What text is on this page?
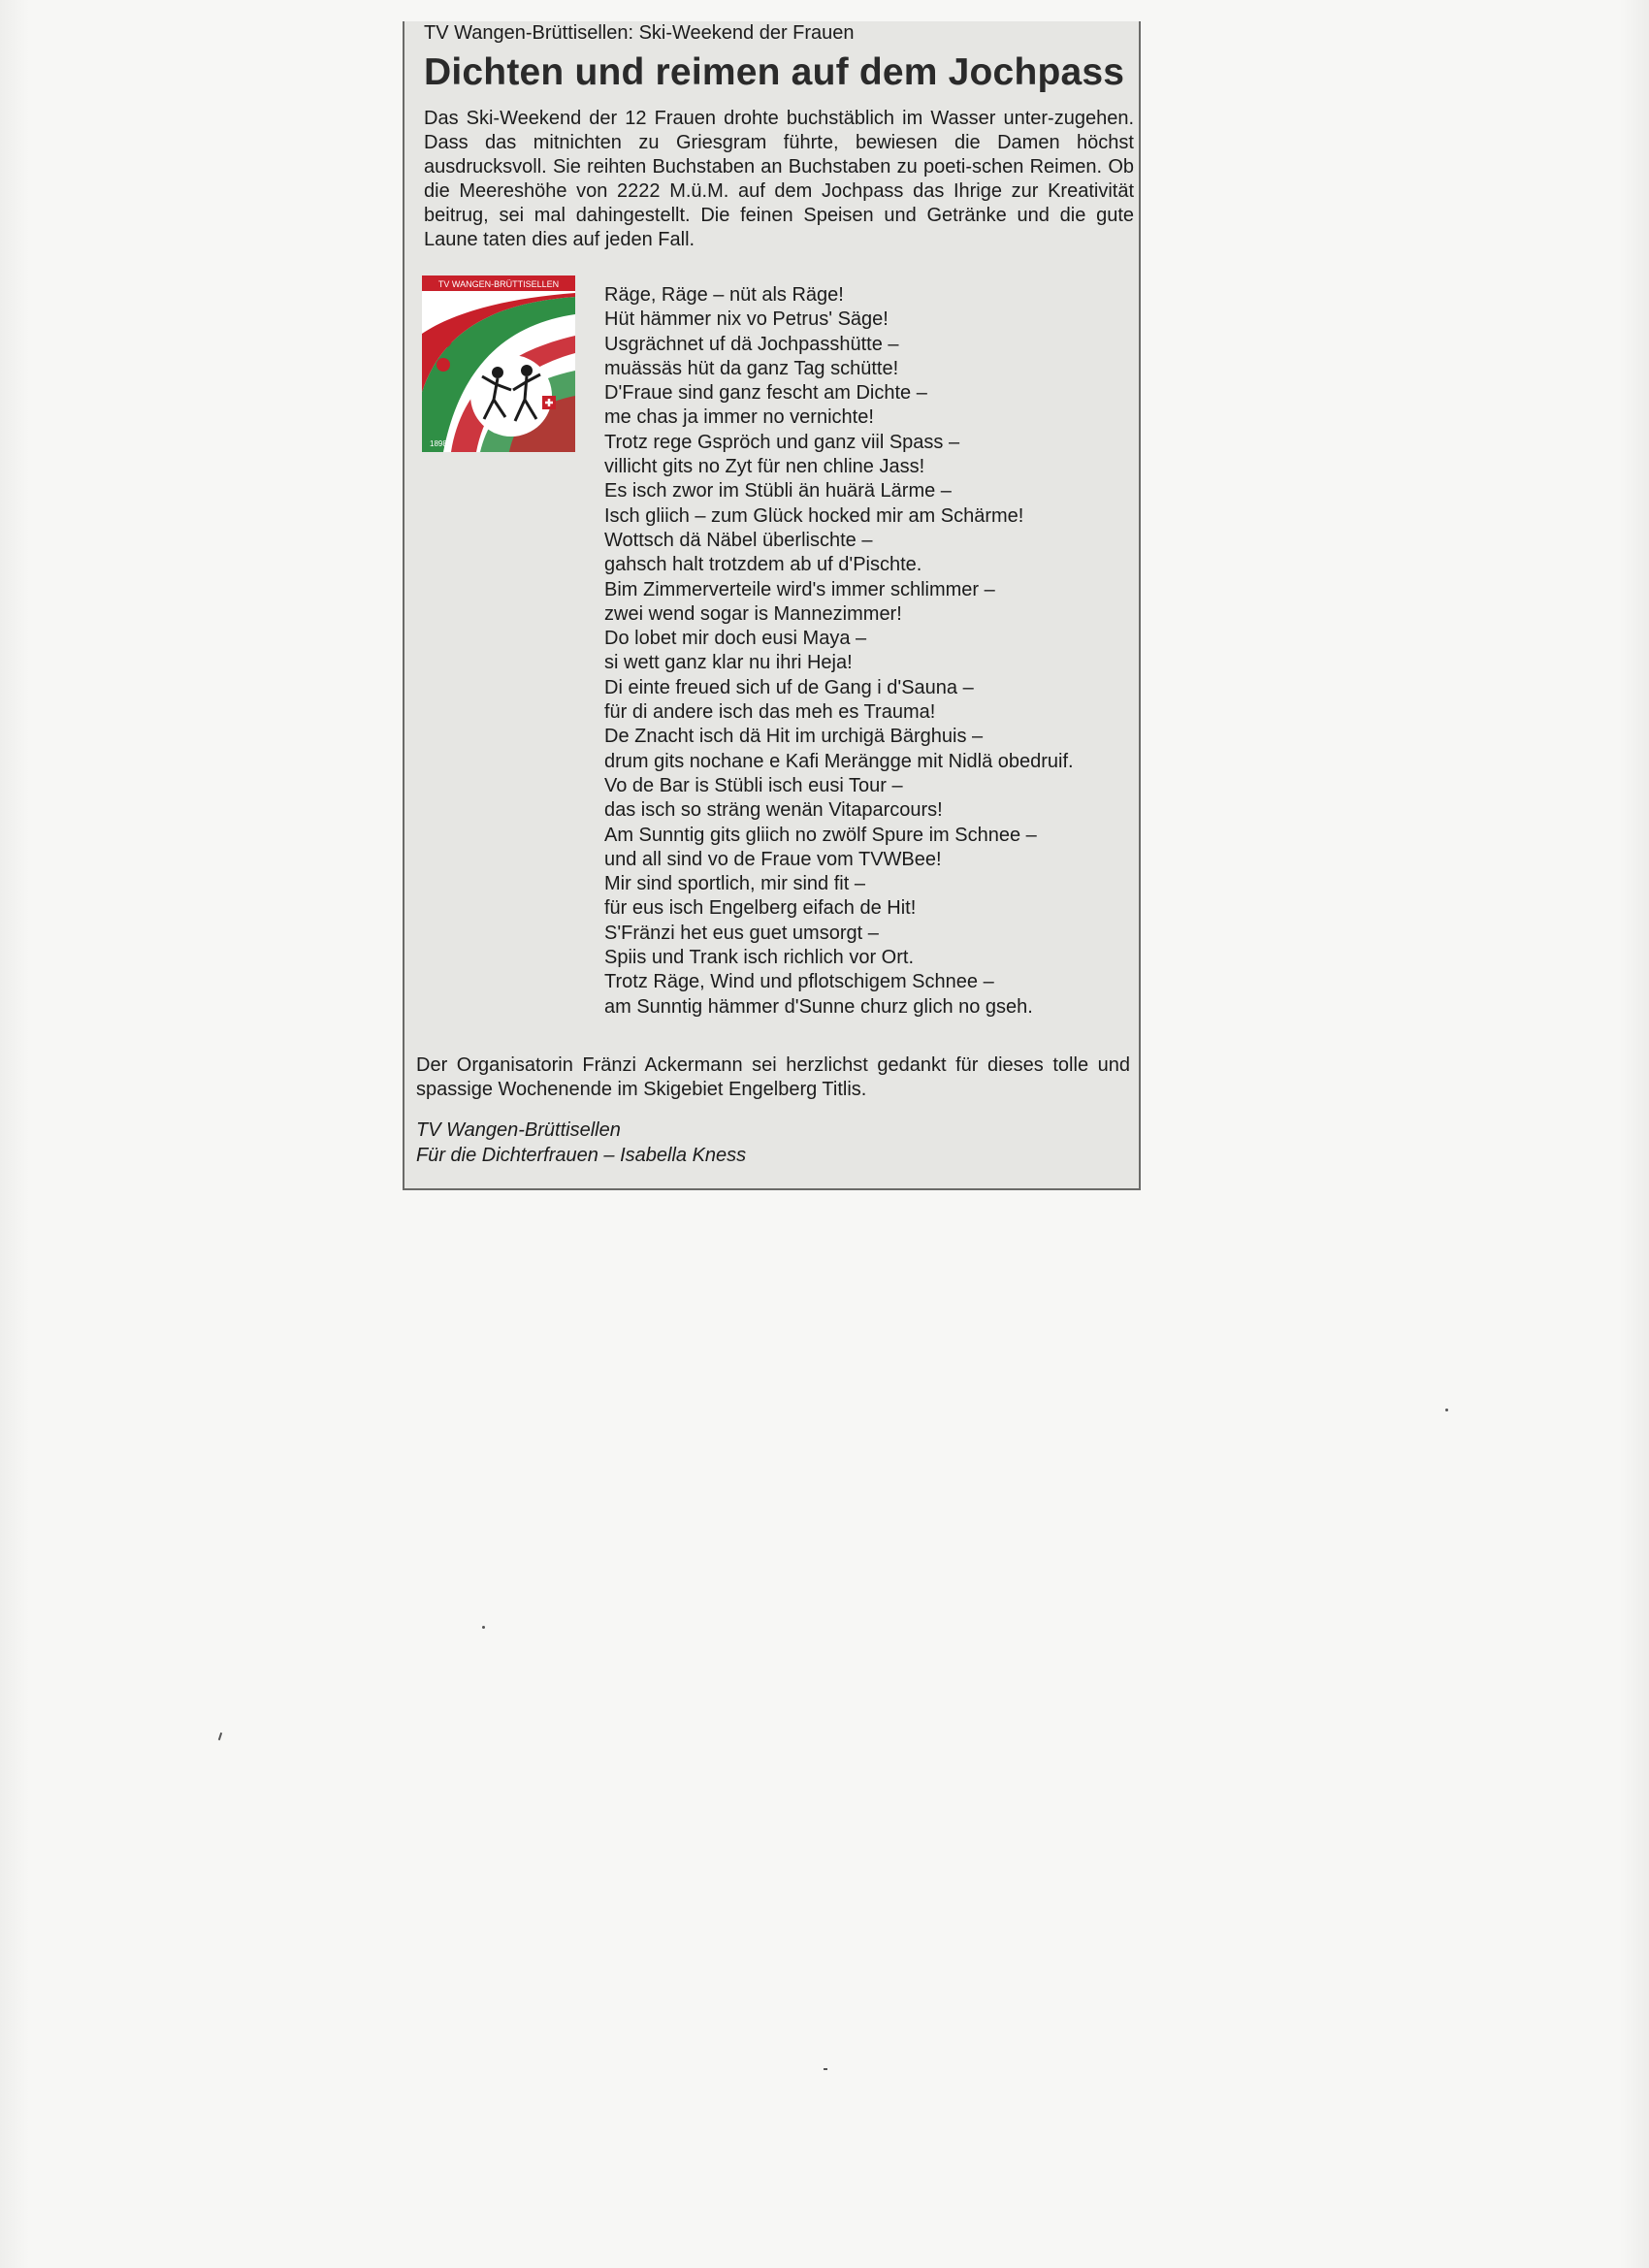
TV Wangen-Brüttisellen: Ski-Weekend der Frauen
Dichten und reimen auf dem Jochpass
Das Ski-Weekend der 12 Frauen drohte buchstäblich im Wasser unter-zugehen. Dass das mitnichten zu Griesgram führte, bewiesen die Damen höchst ausdrucksvoll. Sie reihten Buchstaben an Buchstaben zu poeti-schen Reimen. Ob die Meereshöhe von 2222 M.ü.M. auf dem Jochpass das Ihrige zur Kreativität beitrug, sei mal dahingestellt. Die feinen Speisen und Getränke und die gute Laune taten dies auf jeden Fall.
TV WANGEN-BRÜTTISELLEN
1898
Räge, Räge – nüt als Räge!
Hüt hämmer nix vo Petrus' Säge!
Usgrächnet uf dä Jochpasshütte –
muässäs hüt da ganz Tag schütte!
D'Fraue sind ganz fescht am Dichte –
me chas ja immer no vernichte!
Trotz rege Gspröch und ganz viil Spass –
villicht gits no Zyt für nen chline Jass!
Es isch zwor im Stübli än huärä Lärme –
Isch gliich – zum Glück hocked mir am Schärme!
Wottsch dä Näbel überlischte –
gahsch halt trotzdem ab uf d'Pischte.
Bim Zimmerverteile wird's immer schlimmer –
zwei wend sogar is Mannezimmer!
Do lobet mir doch eusi Maya –
si wett ganz klar nu ihri Heja!
Di einte freued sich uf de Gang i d'Sauna –
für di andere isch das meh es Trauma!
De Znacht isch dä Hit im urchigä Bärghuis –
drum gits nochane e Kafi Merängge mit Nidlä obedruif.
Vo de Bar is Stübli isch eusi Tour –
das isch so sträng wenän Vitaparcours!
Am Sunntig gits gliich no zwölf Spure im Schnee –
und all sind vo de Fraue vom TVWBee!
Mir sind sportlich, mir sind fit –
für eus isch Engelberg eifach de Hit!
S'Fränzi het eus guet umsorgt –
Spiis und Trank isch richlich vor Ort.
Trotz Räge, Wind und pflotschigem Schnee –
am Sunntig hämmer d'Sunne churz glich no gseh.
Der Organisatorin Fränzi Ackermann sei herzlichst gedankt für dieses tolle und spassige Wochenende im Skigebiet Engelberg Titlis.
TV Wangen-Brüttisellen
Für die Dichterfrauen – Isabella Kness
